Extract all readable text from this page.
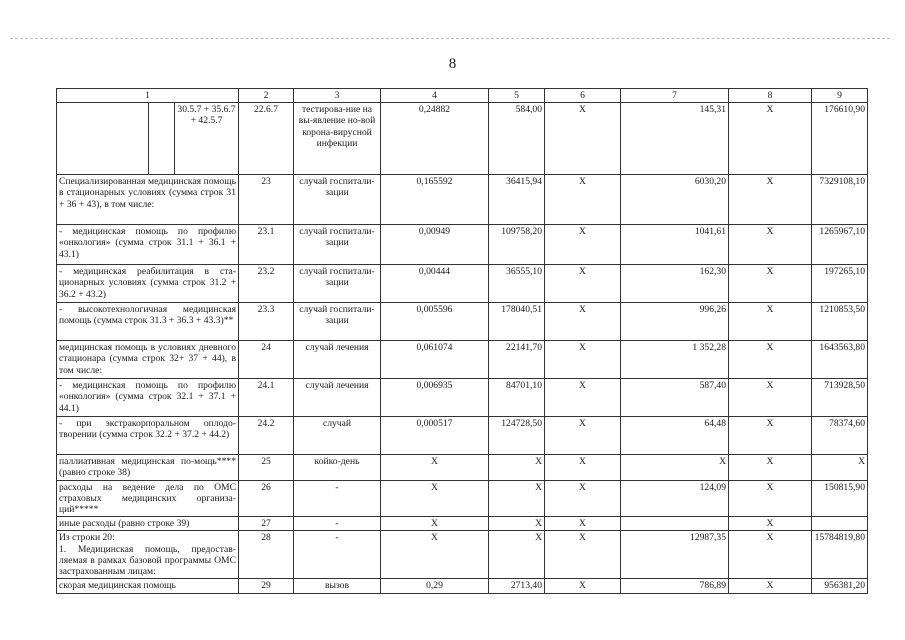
8
1			2	3	4	5	6	7	8	9	
		30.5.7 + 35.6.7 + 42.5.7	22.6.7	тестирова-ние на вы-явление но-вой корона-вирусной инфекции	0,24882	584,00	X	145,31	X	176610,90	
Специализированная медицинская помощь в стационарных условиях (сумма строк 31 + 36 + 43), в том числе:			23	случай госпитали-зации	0,165592	36415,94	X	6030,20	X	7329108,10	
- медицинская помощь по профилю «онкология» (сумма строк 31.1 + 36.1 + 43.1)			23.1	случай госпитали-зации	0,00949	109758,20	X	1041,61	X	1265967,10	
- медицинская реабилитация в ста-ционарных условиях (сумма строк 31.2 + 36.2 + 43.2)			23.2	случай госпитали-зации	0,00444	36555,10	X	162,30	X	197265,10	
- высокотехнологичная медицинская помощь (сумма строк 31.3 + 36.3 + 43.3)**			23.3	случай госпитали-зации	0,005596	178040,51	X	996,26	X	1210853,50	
медицинская помощь в условиях дневного стационара (сумма строк 32+ 37 + 44), в том числе:			24	случай лечения	0,061074	22141,70	X	1 352,28	X	1643563,80	
- медицинская помощь по профилю «онкология» (сумма строк 32.1 + 37.1 + 44.1)			24.1	случай лечения	0,006935	84701,10	X	587,40	X	713928,50	
- при экстракорпоральном оплодо-творении (сумма строк 32.2 + 37.2 + 44.2)			24.2	случай	0,000517	124728,50	X	64,48	X	78374,60	
паллиативная медицинская по-мощь**** (равно строке 38)			25	койко-день	X	X	X	X	X	X	
расходы на ведение дела по ОМС страховых медицинских организа-ций*****			26	-	X	X	X	124,09	X	150815,90	
иные расходы (равно строке 39)			27	-	X	X	X		X		
Из строки 20:
1. Медицинская помощь, предостав-ляемая в рамках базовой программы ОМС застрахованным лицам:			28	-	X	X	X	12987,35	X	15784819,80	
скорая медицинская помощь			29	вызов	0,29	2713,40	X	786,89	X	956381,20	
